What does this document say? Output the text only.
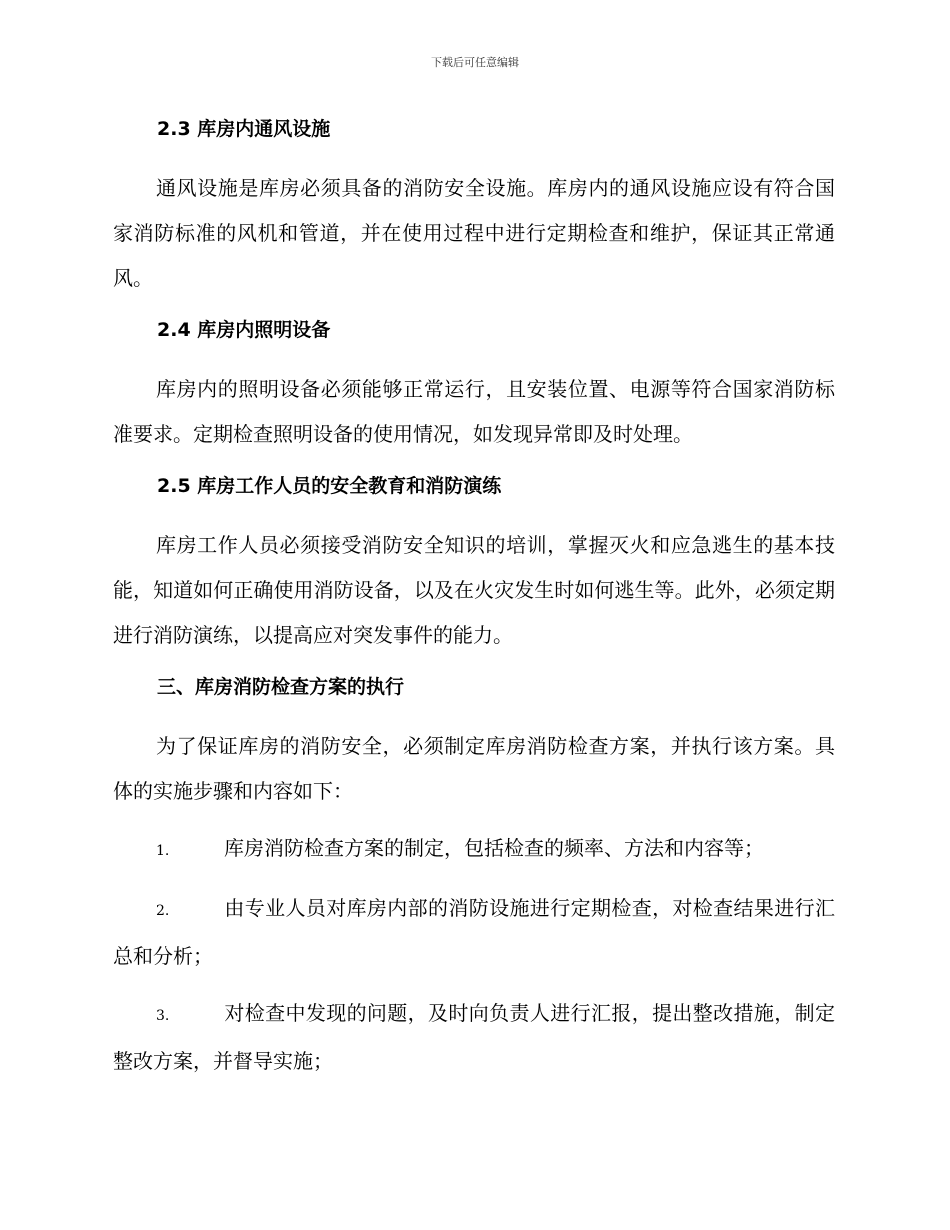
下载后可任意编辑
2.3 库房内通风设施

通风设施是库房必须具备的消防安全设施。库房内的通风设施应设有符合国家消防标准的风机和管道，并在使用过程中进行定期检查和维护，保证其正常通风。

2.4 库房内照明设备

库房内的照明设备必须能够正常运行，且安装位置、电源等符合国家消防标准要求。定期检查照明设备的使用情况，如发现异常即及时处理。

2.5 库房工作人员的安全教育和消防演练

库房工作人员必须接受消防安全知识的培训，掌握灭火和应急逃生的基本技能，知道如何正确使用消防设备，以及在火灾发生时如何逃生等。此外，必须定期进行消防演练，以提高应对突发事件的能力。

三、库房消防检查方案的执行

为了保证库房的消防安全，必须制定库房消防检查方案，并执行该方案。具体的实施步骤和内容如下：

1.	库房消防检查方案的制定，包括检查的频率、方法和内容等；

2.	由专业人员对库房内部的消防设施进行定期检查，对检查结果进行汇总和分析；

3.	对检查中发现的问题，及时向负责人进行汇报，提出整改措施，制定整改方案，并督导实施；
